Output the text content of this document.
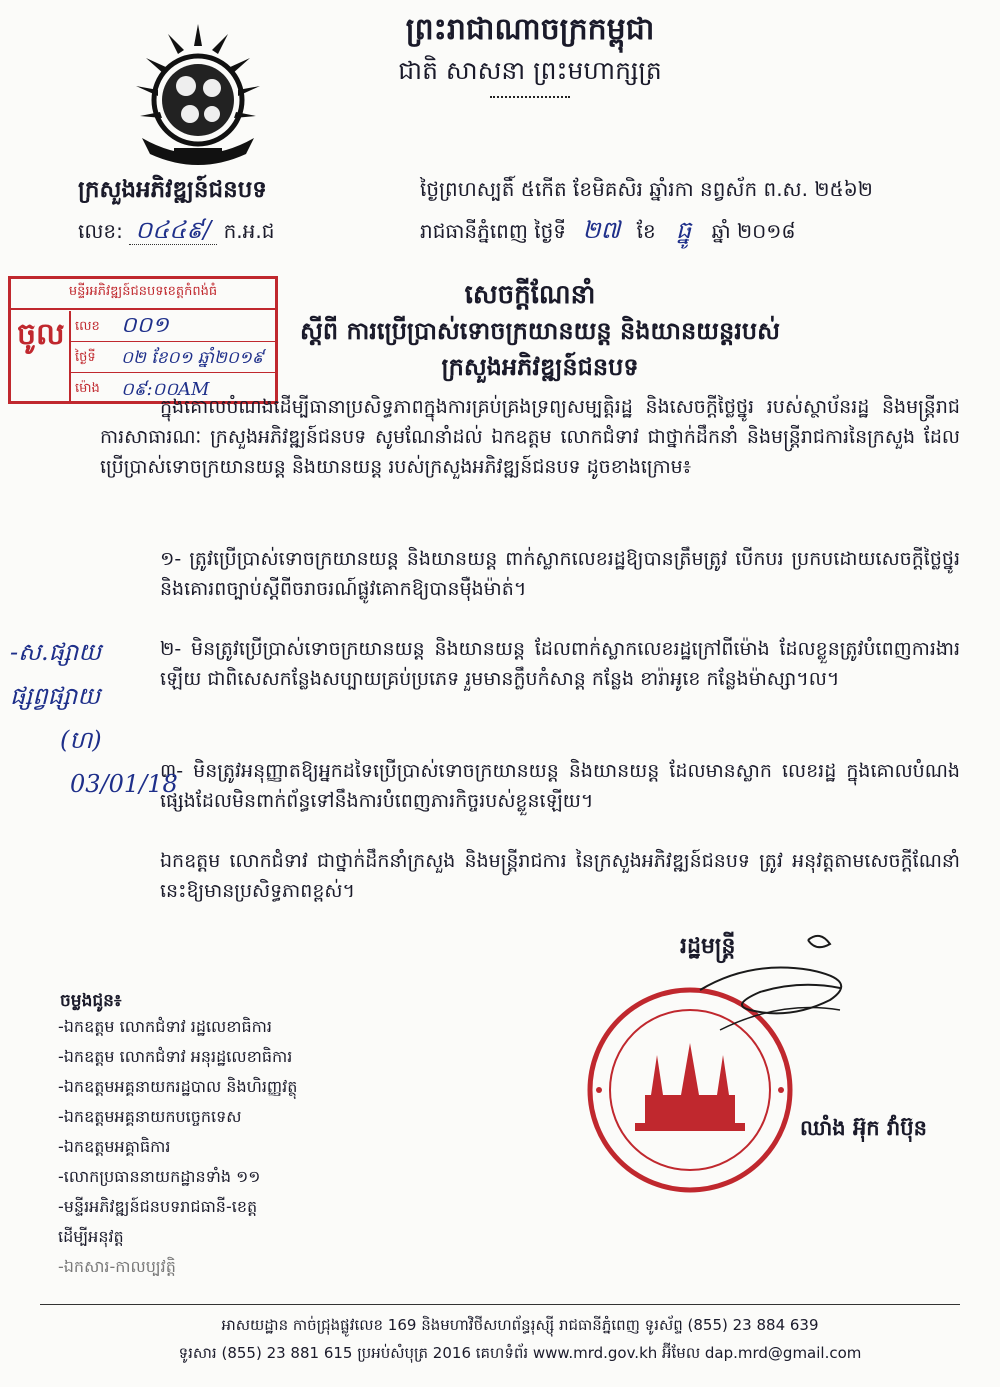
ព្រះរាជាណាចក្រកម្ពុជា
ជាតិ សាសនា ព្រះមហាក្សត្រ
ក្រសួងអភិវឌ្ឍន៍ជនបទ
លេខ: ០៤៤៩/ ក.អ.ជ
ថ្ងៃព្រហស្បតិ៍ ៥កើត ខែមិគសិរ ឆ្នាំរកា នព្វស័ក ព.ស. ២៥៦២
រាជធានីភ្នំពេញ ថ្ងៃទី ២៧ ខែ ធ្នូ ឆ្នាំ ២០១៨
មន្ទីរអភិវឌ្ឍន៍ជនបទខេត្តកំពង់ធំ
ចូល លេខ ០០១
ថ្ងៃទី ០២ ខែ០១ ឆ្នាំ២០១៩
ម៉ោង ០៩:០០AM
សេចក្ដីណែនាំ
ស្ដីពី ការប្រើប្រាស់ទោចក្រយានយន្ត និងយានយន្តរបស់
ក្រសួងអភិវឌ្ឍន៍ជនបទ
ក្នុងគោលបំណងដើម្បីធានាប្រសិទ្ធភាពក្នុងការគ្រប់គ្រងទ្រព្យសម្បត្តិរដ្ឋ និងសេចក្ដីថ្លៃថ្នូរ របស់ស្ថាប័នរដ្ឋ និងមន្ត្រីរាជការសាធារណៈ ក្រសួងអភិវឌ្ឍន៍ជនបទ សូមណែនាំដល់ ឯកឧត្តម លោកជំទាវ ជាថ្នាក់ដឹកនាំ និងមន្ត្រីរាជការនៃក្រសួង ដែលប្រើប្រាស់ទោចក្រយានយន្ត និងយានយន្ត របស់ក្រសួងអភិវឌ្ឍន៍ជនបទ ដូចខាងក្រោម៖
១- ត្រូវប្រើប្រាស់ទោចក្រយានយន្ត និងយានយន្ត ពាក់ស្លាកលេខរដ្ឋឱ្យបានត្រឹមត្រូវ បើកបរ ប្រកបដោយសេចក្ដីថ្លៃថ្នូរ និងគោរពច្បាប់ស្ដីពីចរាចរណ៍ផ្លូវគោកឱ្យបានម៉ឺងម៉ាត់។
២- មិនត្រូវប្រើប្រាស់ទោចក្រយានយន្ត និងយានយន្ត ដែលពាក់ស្លាកលេខរដ្ឋក្រៅពីម៉ោង ដែលខ្លួនត្រូវបំពេញការងារឡើយ ជាពិសេសកន្លែងសប្បាយគ្រប់ប្រភេទ រួមមានក្លឹបកំសាន្ត កន្លែង ខារ៉ាអូខេ កន្លែងម៉ាស្សា។ល។
៣- មិនត្រូវអនុញ្ញាតឱ្យអ្នកដទៃប្រើប្រាស់ទោចក្រយានយន្ត និងយានយន្ត ដែលមានស្លាក លេខរដ្ឋ ក្នុងគោលបំណងផ្សេងដែលមិនពាក់ព័ន្ធទៅនឹងការបំពេញភារកិច្ចរបស់ខ្លួនឡើយ។
ឯកឧត្តម លោកជំទាវ ជាថ្នាក់ដឹកនាំក្រសួង និងមន្ត្រីរាជការ នៃក្រសួងអភិវឌ្ឍន៍ជនបទ ត្រូវ អនុវត្តតាមសេចក្ដីណែនាំនេះឱ្យមានប្រសិទ្ធភាពខ្ពស់។
-ស.ផ្សាយ
ផ្សព្វផ្សាយ
(ហ)
03/01/18
រដ្ឋមន្ត្រី
ឈាំង អ៊ុក វាំប៊ុន
ចម្លងជូន៖
-ឯកឧត្តម លោកជំទាវ រដ្ឋលេខាធិការ
-ឯកឧត្តម លោកជំទាវ អនុរដ្ឋលេខាធិការ
-ឯកឧត្តមអគ្គនាយករដ្ឋបាល និងហិរញ្ញវត្ថុ
-ឯកឧត្តមអគ្គនាយកបច្ចេកទេស
-ឯកឧត្តមអគ្គាធិការ
-លោកប្រធាននាយកដ្ឋានទាំង ១១
-មន្ទីរអភិវឌ្ឍន៍ជនបទរាជធានី-ខេត្ត
ដើម្បីអនុវត្ត
-ឯកសារ-កាលប្បវត្តិ
អាសយដ្ឋាន កាច់ជ្រុងផ្លូវលេខ 169 និងមហាវិថីសហព័ន្ធរុស្ស៊ី រាជធានីភ្នំពេញ ទូរស័ព្ទ (855) 23 884 639
ទូរសារ (855) 23 881 615 ប្រអប់សំបុត្រ 2016 គេហទំព័រ www.mrd.gov.kh អ៊ីមែល dap.mrd@gmail.com
